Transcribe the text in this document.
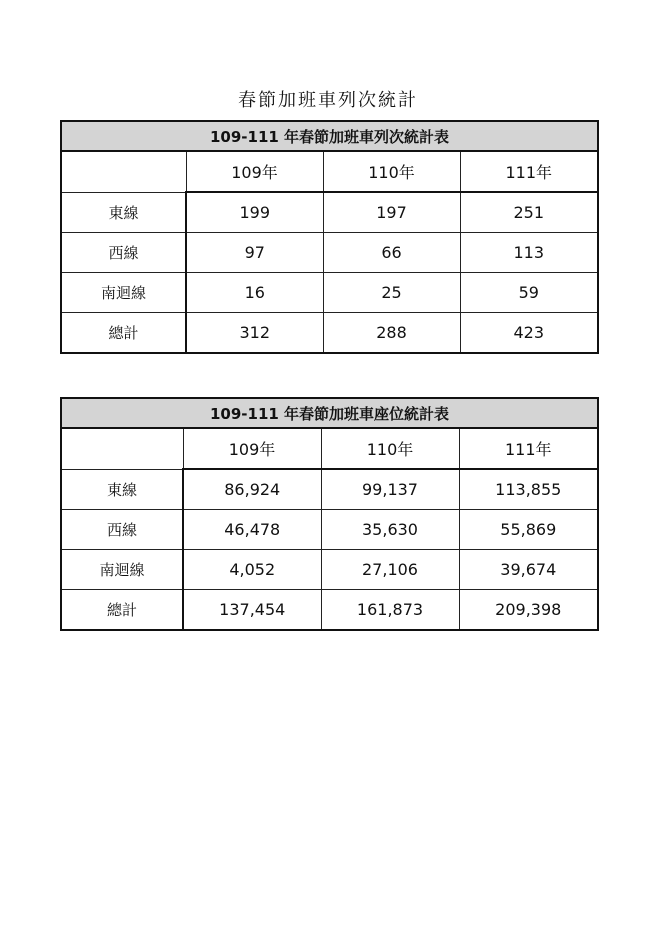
春節加班車列次統計
109-111 年春節加班車列次統計表			
	109年	110年	111年
東線	199	197	251
西線	97	66	113
南迴線	16	25	59
總計	312	288	423
109-111 年春節加班車座位統計表			
	109年	110年	111年
東線	86,924	99,137	113,855
西線	46,478	35,630	55,869
南迴線	4,052	27,106	39,674
總計	137,454	161,873	209,398
